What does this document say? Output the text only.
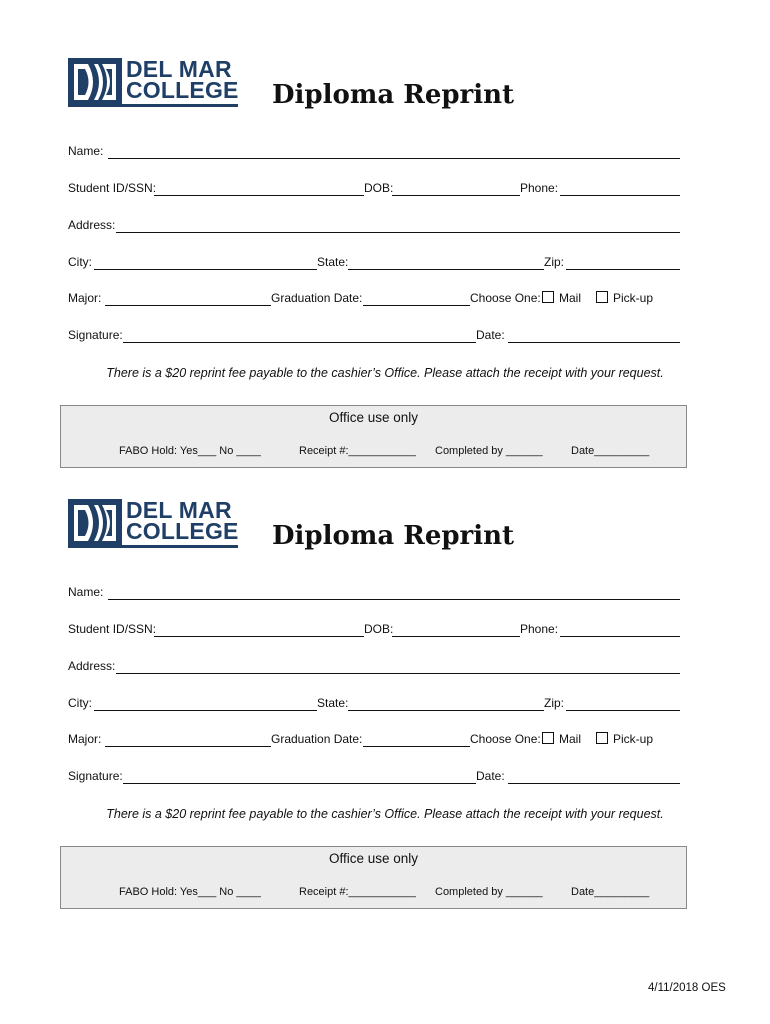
DEL MAR
COLLEGE Diploma Reprint
Name:
Student ID/SSN:	DOB:	Phone:
Address:
City:	State:	Zip:
Major:	Graduation Date:	Choose One: Mail	Pick-up
Signature:	Date:
There is a $20 reprint fee payable to the cashier’s Office. Please attach the receipt with your request.
Office use only
FABO Hold: Yes___ No ____	Receipt #:___________ Completed by ______	Date_________
DEL MAR
COLLEGE Diploma Reprint
Name:
Student ID/SSN:	DOB:	Phone:
Address:
City:	State:	Zip:
Major:	Graduation Date:	Choose One: Mail	Pick-up
Signature:	Date:
There is a $20 reprint fee payable to the cashier’s Office. Please attach the receipt with your request.
Office use only
FABO Hold: Yes___ No ____	Receipt #:___________ Completed by ______	Date_________
4/11/2018 OES
